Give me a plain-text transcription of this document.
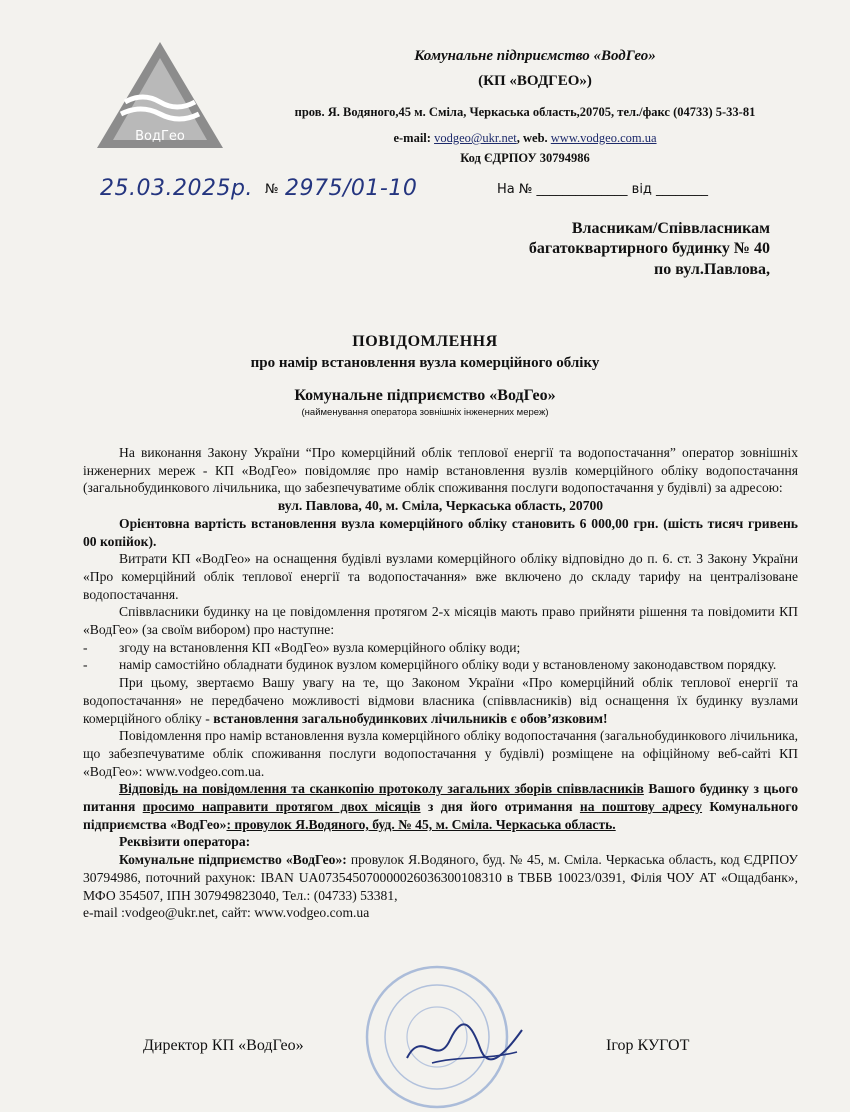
ВодГео
Комунальне підприємство «ВодГео»
(КП «ВОДГЕО»)
пров. Я. Водяного,45 м. Сміла, Черкаська область,20705, тел./факс (04733) 5-33-81
e-mail: vodgeo@ukr.net, web. www.vodgeo.com.ua
Код ЄДРПОУ 30794986
25.03.2025р. № 2975/01-10	На № ______________ від ________
Власникам/Співвласникам
багатоквартирного будинку № 40
по вул.Павлова,
ПОВІДОМЛЕННЯ
про намір встановлення вузла комерційного обліку
Комунальне підприємство «ВодГео»
(найменування оператора зовнішніх інженерних мереж)

На виконання Закону України “Про комерційний облік теплової енергії та водопостачання” оператор зовнішніх інженерних мереж - КП «ВодГео» повідомляє про намір встановлення вузлів комерційного обліку водопостачання (загальнобудинкового лічильника, що забезпечуватиме облік споживання послуги водопостачання у будівлі) за адресою:

вул. Павлова, 40, м. Сміла, Черкаська область, 20700

Орієнтовна вартість встановлення вузла комерційного обліку становить 6 000,00 грн. (шість тисяч гривень 00 копійок).

Витрати КП «ВодГео» на оснащення будівлі вузлами комерційного обліку відповідно до п. 6. ст. 3 Закону України «Про комерційний облік теплової енергії та водопостачання» вже включено до складу тарифу на централізоване водопостачання.

Співвласники будинку на це повідомлення протягом 2-х місяців мають право прийняти рішення та повідомити КП «ВодГео» (за своїм вибором) про наступне:

- згоду на встановлення КП «ВодГео» вузла комерційного обліку води;

- намір самостійно обладнати будинок вузлом комерційного обліку води у встановленому законодавством порядку.

При цьому, звертаємо Вашу увагу на те, що Законом України «Про комерційний облік теплової енергії та водопостачання» не передбачено можливості відмови власника (співвласників) від оснащення їх будинку вузлами комерційного обліку - встановлення загальнобудинкових лічильників є обов’язковим!

Повідомлення про намір встановлення вузла комерційного обліку водопостачання (загальнобудинкового лічильника, що забезпечуватиме облік споживання послуги водопостачання у будівлі) розміщене на офіційному веб-сайті КП «ВодГео»: www.vodgeo.com.ua.

Відповідь на повідомлення та сканкопію протоколу загальних зборів співвласників Вашого будинку з цього питання просимо направити протягом двох місяців з дня його отримання на поштову адресу Комунального підприємства «ВодГео»: провулок Я.Водяного, буд. № 45, м. Сміла. Черкаська область.

Реквізити оператора:

Комунальне підприємство «ВодГео»: провулок Я.Водяного, буд. № 45, м. Сміла. Черкаська область, код ЄДРПОУ 30794986, поточний рахунок: IBAN UA073545070000026036300108310 в ТВБВ 10023/0391, Філія ЧОУ АТ «Ощадбанк», МФО 354507, ІПН 307949823040, Тел.: (04733) 53381,

e-mail :vodgeo@ukr.net, сайт: www.vodgeo.com.ua

Директор КП «ВодГео»	Ігор КУГОТ
